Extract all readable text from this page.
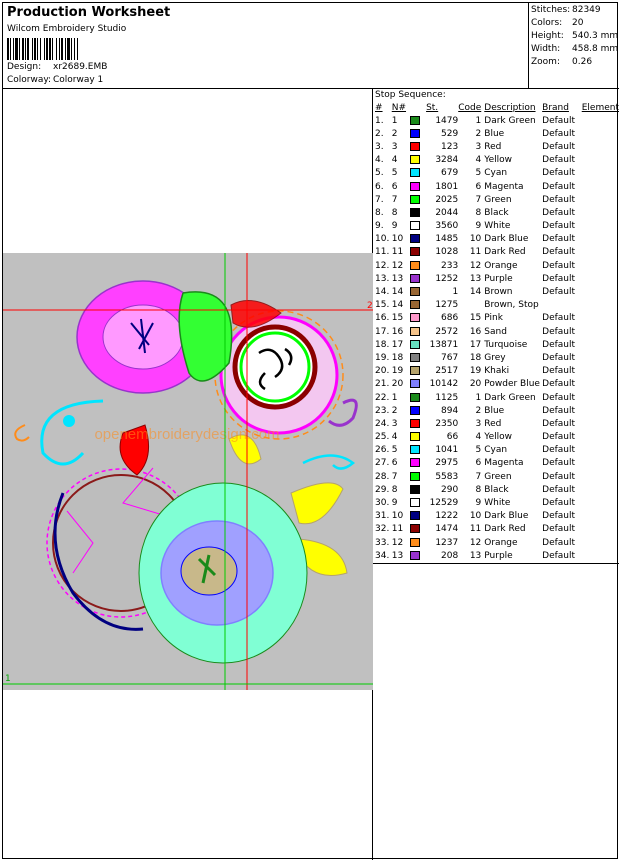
Production Worksheet
Wilcom Embroidery Studio
Design: xr2689.EMB
Colorway: Colorway 1
Stitches: 82349
Colors: 20
Height: 540.3 mm
Width: 458.8 mm
Zoom: 0.26
openembroiderydesign.com
2
1
Stop Sequence:
#	N#		St.	Code	Description	Brand	Element
1.	1		1479	1	Dark Green	Default	
2.	2		529	2	Blue	Default	
3.	3		123	3	Red	Default	
4.	4		3284	4	Yellow	Default	
5.	5		679	5	Cyan	Default	
6.	6		1801	6	Magenta	Default	
7.	7		2025	7	Green	Default	
8.	8		2044	8	Black	Default	
9.	9		3560	9	White	Default	
10.	10		1485	10	Dark Blue	Default	
11.	11		1028	11	Dark Red	Default	
12.	12		233	12	Orange	Default	
13.	13		1252	13	Purple	Default	
14.	14		1	14	Brown	Default	
15.	14		1275		Brown, Stop		
16.	15		686	15	Pink	Default	
17.	16		2572	16	Sand	Default	
18.	17		13871	17	Turquoise	Default	
19.	18		767	18	Grey	Default	
20.	19		2517	19	Khaki	Default	
21.	20		10142	20	Powder Blue	Default	
22.	1		1125	1	Dark Green	Default	
23.	2		894	2	Blue	Default	
24.	3		2350	3	Red	Default	
25.	4		66	4	Yellow	Default	
26.	5		1041	5	Cyan	Default	
27.	6		2975	6	Magenta	Default	
28.	7		5583	7	Green	Default	
29.	8		290	8	Black	Default	
30.	9		12529	9	White	Default	
31.	10		1222	10	Dark Blue	Default	
32.	11		1474	11	Dark Red	Default	
33.	12		1237	12	Orange	Default	
34.	13		208	13	Purple	Default	
